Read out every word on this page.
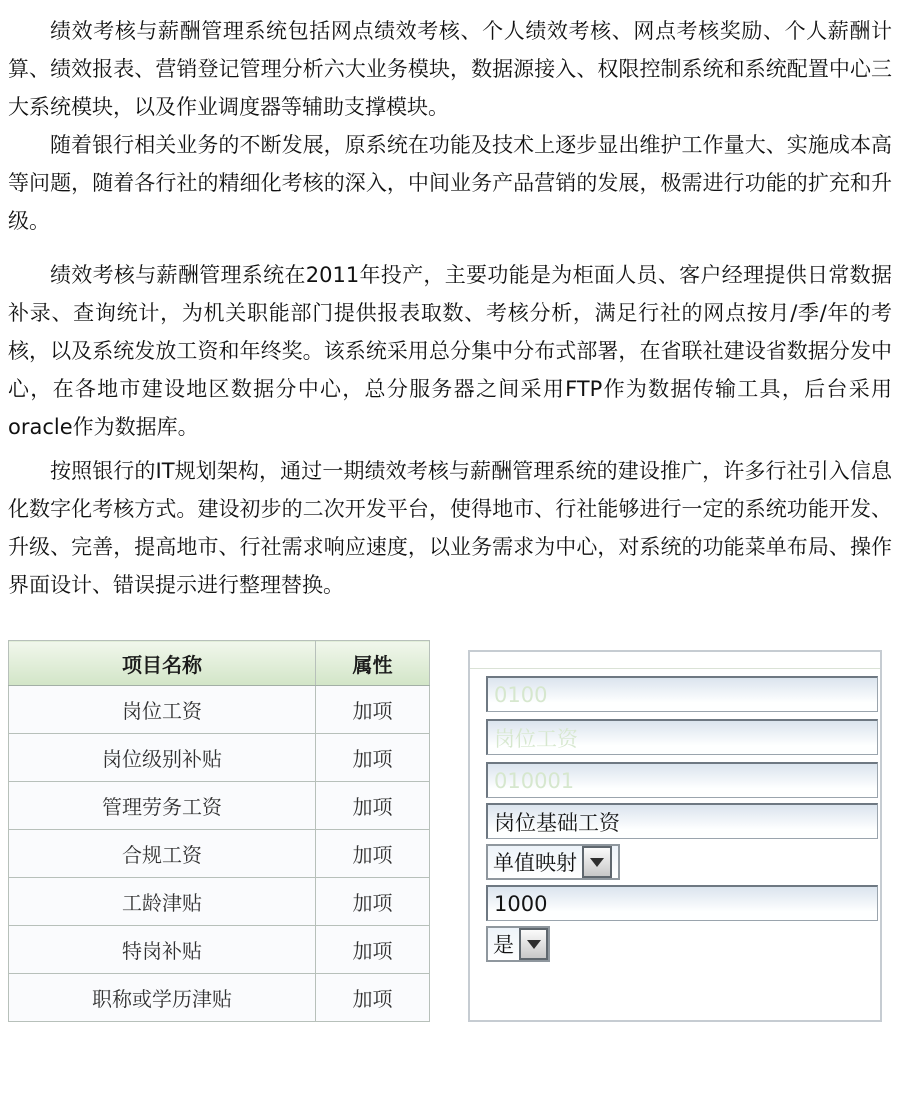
绩效考核与薪酬管理系统包括网点绩效考核、个人绩效考核、网点考核奖励、个人薪酬计算、绩效报表、营销登记管理分析六大业务模块，数据源接入、权限控制系统和系统配置中心三大系统模块，以及作业调度器等辅助支撑模块。

随着银行相关业务的不断发展，原系统在功能及技术上逐步显出维护工作量大、实施成本高等问题，随着各行社的精细化考核的深入，中间业务产品营销的发展，极需进行功能的扩充和升级。

绩效考核与薪酬管理系统在2011年投产，主要功能是为柜面人员、客户经理提供日常数据补录、查询统计，为机关职能部门提供报表取数、考核分析，满足行社的网点按月/季/年的考核，以及系统发放工资和年终奖。该系统采用总分集中分布式部署，在省联社建设省数据分发中心，在各地市建设地区数据分中心，总分服务器之间采用FTP作为数据传输工具，后台采用oracle作为数据库。

按照银行的IT规划架构，通过一期绩效考核与薪酬管理系统的建设推广，许多行社引入信息化数字化考核方式。建设初步的二次开发平台，使得地市、行社能够进行一定的系统功能开发、升级、完善，提高地市、行社需求响应速度，以业务需求为中心，对系统的功能菜单布局、操作界面设计、错误提示进行整理替换。

项目名称	属性
岗位工资	加项
岗位级别补贴	加项
管理劳务工资	加项
合规工资	加项
工龄津贴	加项
特岗补贴	加项
职称或学历津贴	加项
0100
岗位工资
010001
岗位基础工资
单值映射
1000
是
